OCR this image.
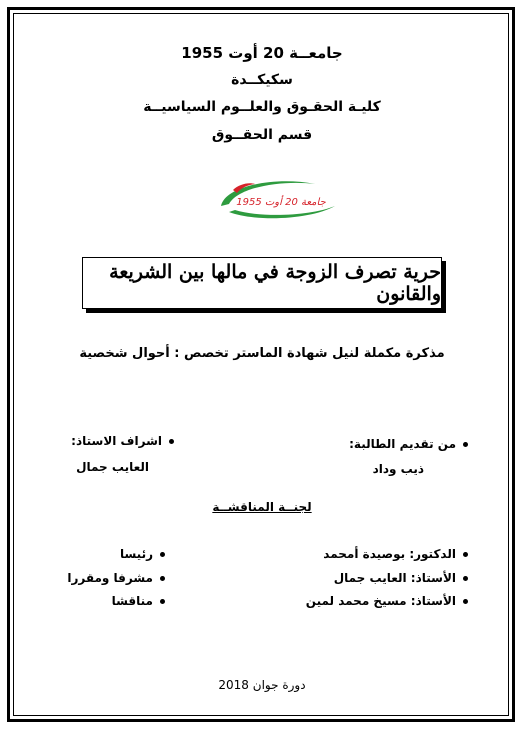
جامعــة 20 أوت 1955
سكيكــدة
كليـة الحقـوق والعلــوم السياسيــة
قسم الحقــوق
جامعة 20 أوت 1955
حرية تصرف الزوجة في مالها بين الشريعة والقانون
مذكرة مكملة لنيل شهادة الماستر تخصص : أحوال شخصية
من تقديم الطالبة:
ذيب وداد
اشراف الاستاذ:
العايب جمال
لجنــة المناقشــة
الدكتور: بوصيدة أمحمد
رئيسا
الأستاذ: العايب جمال
مشرفا ومقررا
الأستاذ: مسيخ محمد لمين
مناقشا
دورة جوان 2018
